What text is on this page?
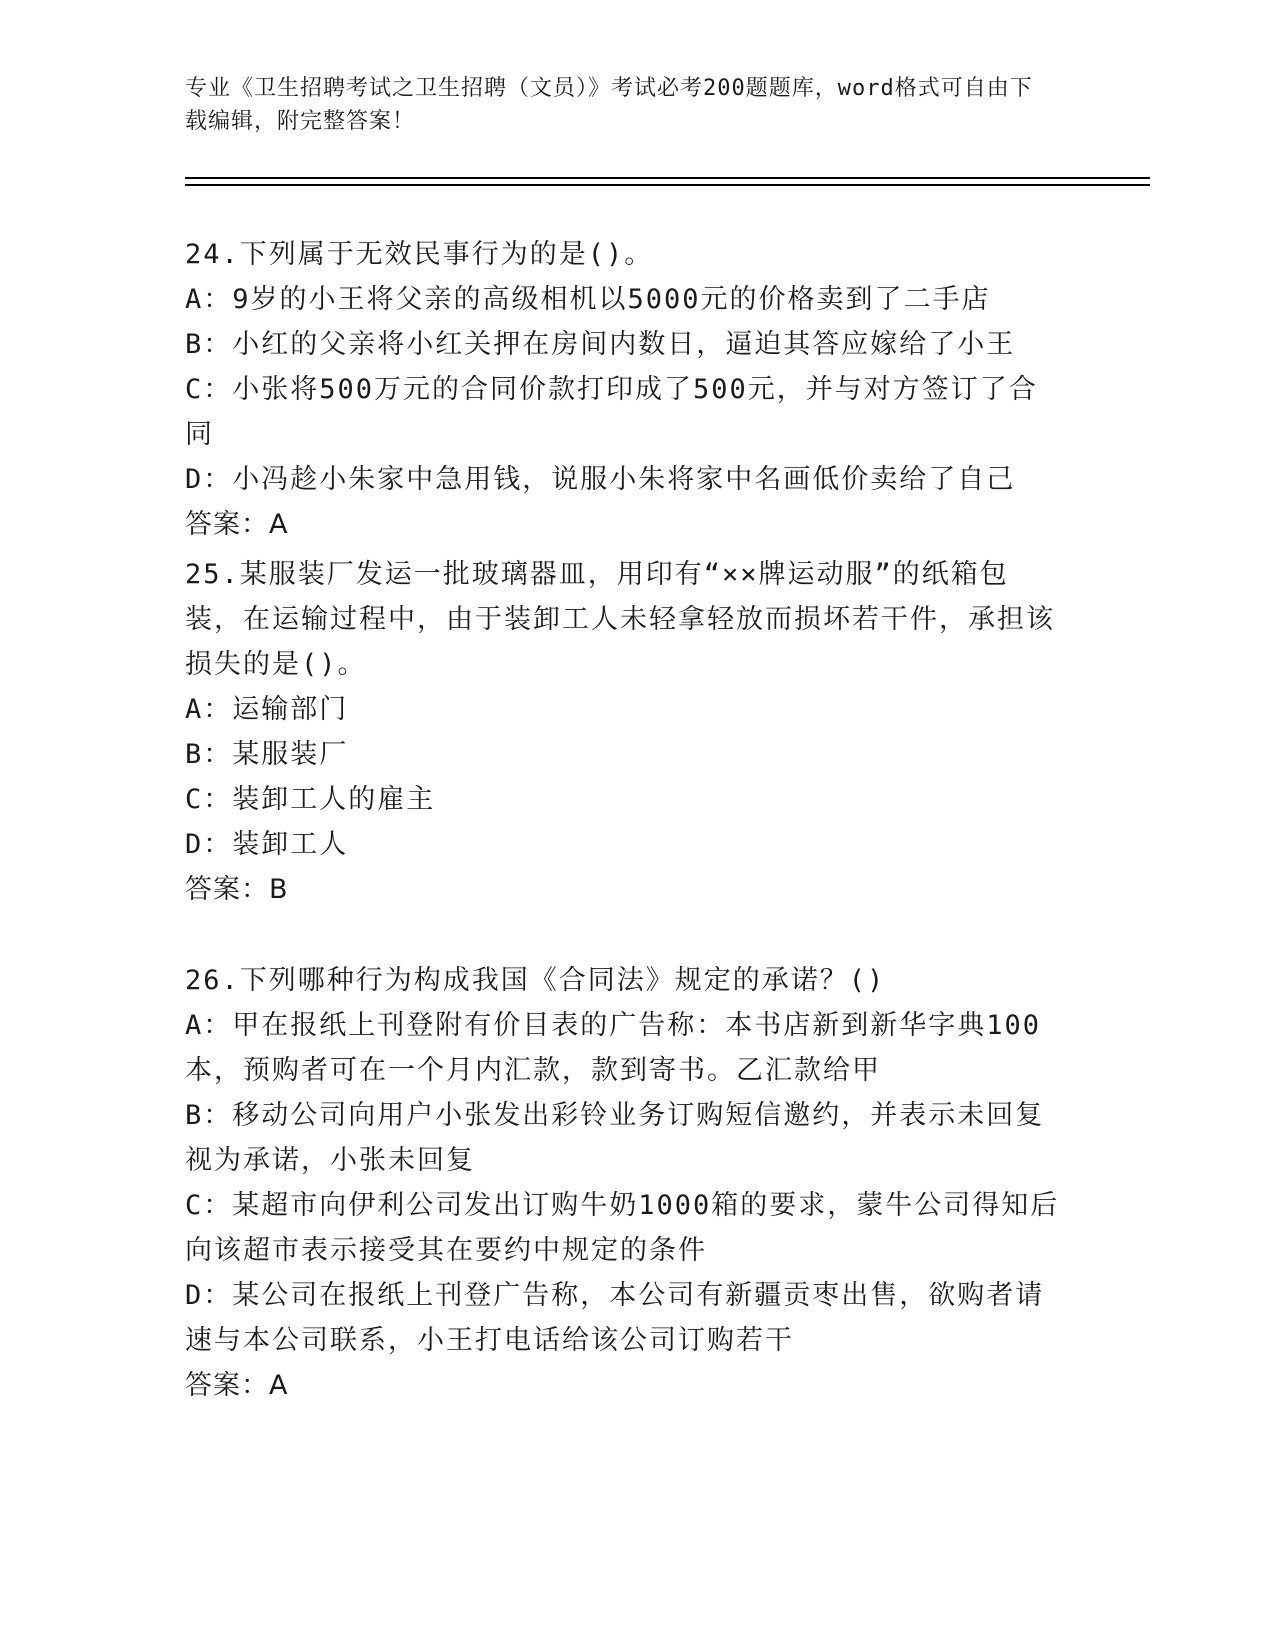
专业《卫生招聘考试之卫生招聘（文员）》考试必考200题题库，word格式可自由下载编辑，附完整答案！

24.下列属于无效民事行为的是()。

A：9岁的小王将父亲的高级相机以5000元的价格卖到了二手店

B：小红的父亲将小红关押在房间内数日，逼迫其答应嫁给了小王

C：小张将500万元的合同价款打印成了500元，并与对方签订了合同

D：小冯趁小朱家中急用钱，说服小朱将家中名画低价卖给了自己

答案：A

25.某服装厂发运一批玻璃器皿，用印有“××牌运动服”的纸箱包装，在运输过程中，由于装卸工人未轻拿轻放而损坏若干件，承担该损失的是()。

A：运输部门

B：某服装厂

C：装卸工人的雇主

D：装卸工人

答案：B

26.下列哪种行为构成我国《合同法》规定的承诺？()

A：甲在报纸上刊登附有价目表的广告称：本书店新到新华字典100本，预购者可在一个月内汇款，款到寄书。乙汇款给甲

B：移动公司向用户小张发出彩铃业务订购短信邀约，并表示未回复视为承诺，小张未回复

C：某超市向伊利公司发出订购牛奶1000箱的要求，蒙牛公司得知后向该超市表示接受其在要约中规定的条件

D：某公司在报纸上刊登广告称，本公司有新疆贡枣出售，欲购者请速与本公司联系，小王打电话给该公司订购若干

答案：A
